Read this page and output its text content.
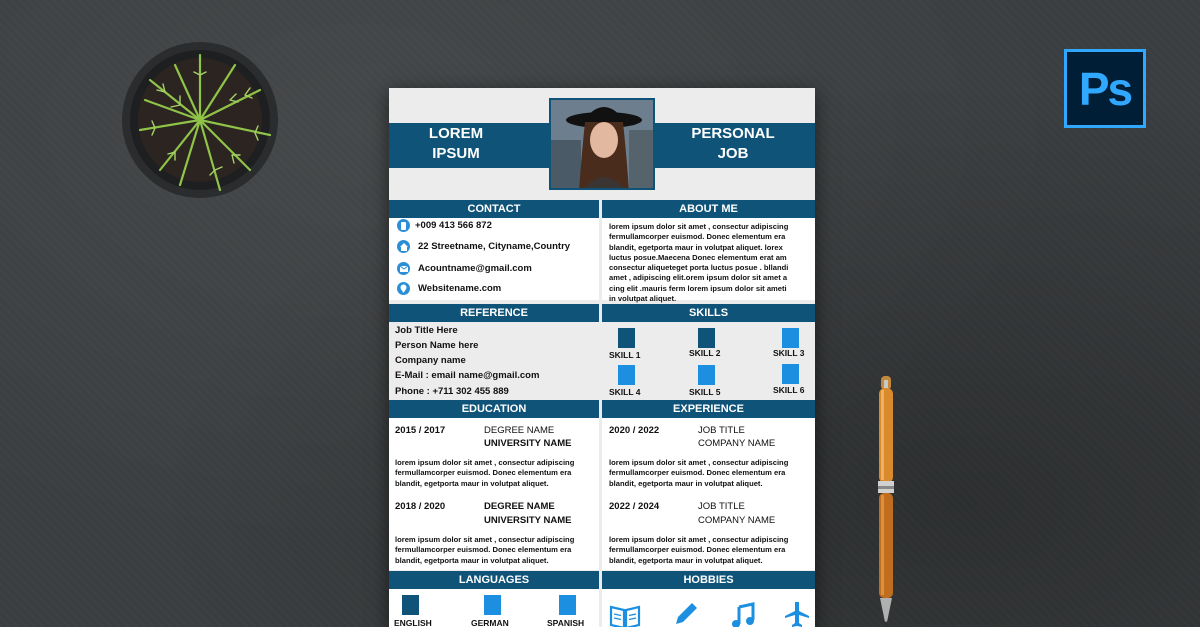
Ps
LOREM
IPSUM
PERSONAL
JOB
CONTACT
+009 413 566 872
22 Streetname, Cityname,Country
Acountname@gmail.com
Websitename.com
ABOUT ME
lorem ipsum dolor sit amet , consectur adipiscing
fermullamcorper euismod. Donec elementum era
blandit, egetporta maur in volutpat aliquet. lorex
luctus posue.Maecena Donec elementum erat am
consectur aliqueteget porta luctus posue . bllandi
amet , adipiscing elit.orem ipsum dolor sit amet a
cing elit .mauris ferm lorem ipsum dolor sit ameti
in volutpat aliquet.
REFERENCE
Job Title Here
Person Name here
Company name
E-Mail : email name@gmail.com
Phone : +711 302 455 889
SKILLS
SKILL 1	SKILL 2	SKILL 3
SKILL 4	SKILL 5	SKILL 6
EDUCATION
2015 / 2017	DEGREE NAME
UNIVERSITY NAME
lorem ipsum dolor sit amet , consectur adipiscing
fermullamcorper euismod. Donec elementum era
blandit, egetporta maur in volutpat aliquet.
2018 / 2020	DEGREE NAME
UNIVERSITY NAME
lorem ipsum dolor sit amet , consectur adipiscing
fermullamcorper euismod. Donec elementum era
blandit, egetporta maur in volutpat aliquet.
EXPERIENCE
2020 / 2022	JOB TITLE
COMPANY NAME
lorem ipsum dolor sit amet , consectur adipiscing
fermullamcorper euismod. Donec elementum era
blandit, egetporta maur in volutpat aliquet.
2022 / 2024	JOB TITLE
COMPANY NAME
lorem ipsum dolor sit amet , consectur adipiscing
fermullamcorper euismod. Donec elementum era
blandit, egetporta maur in volutpat aliquet.
LANGUAGES
ENGLISH	GERMAN	SPANISH
HOBBIES
